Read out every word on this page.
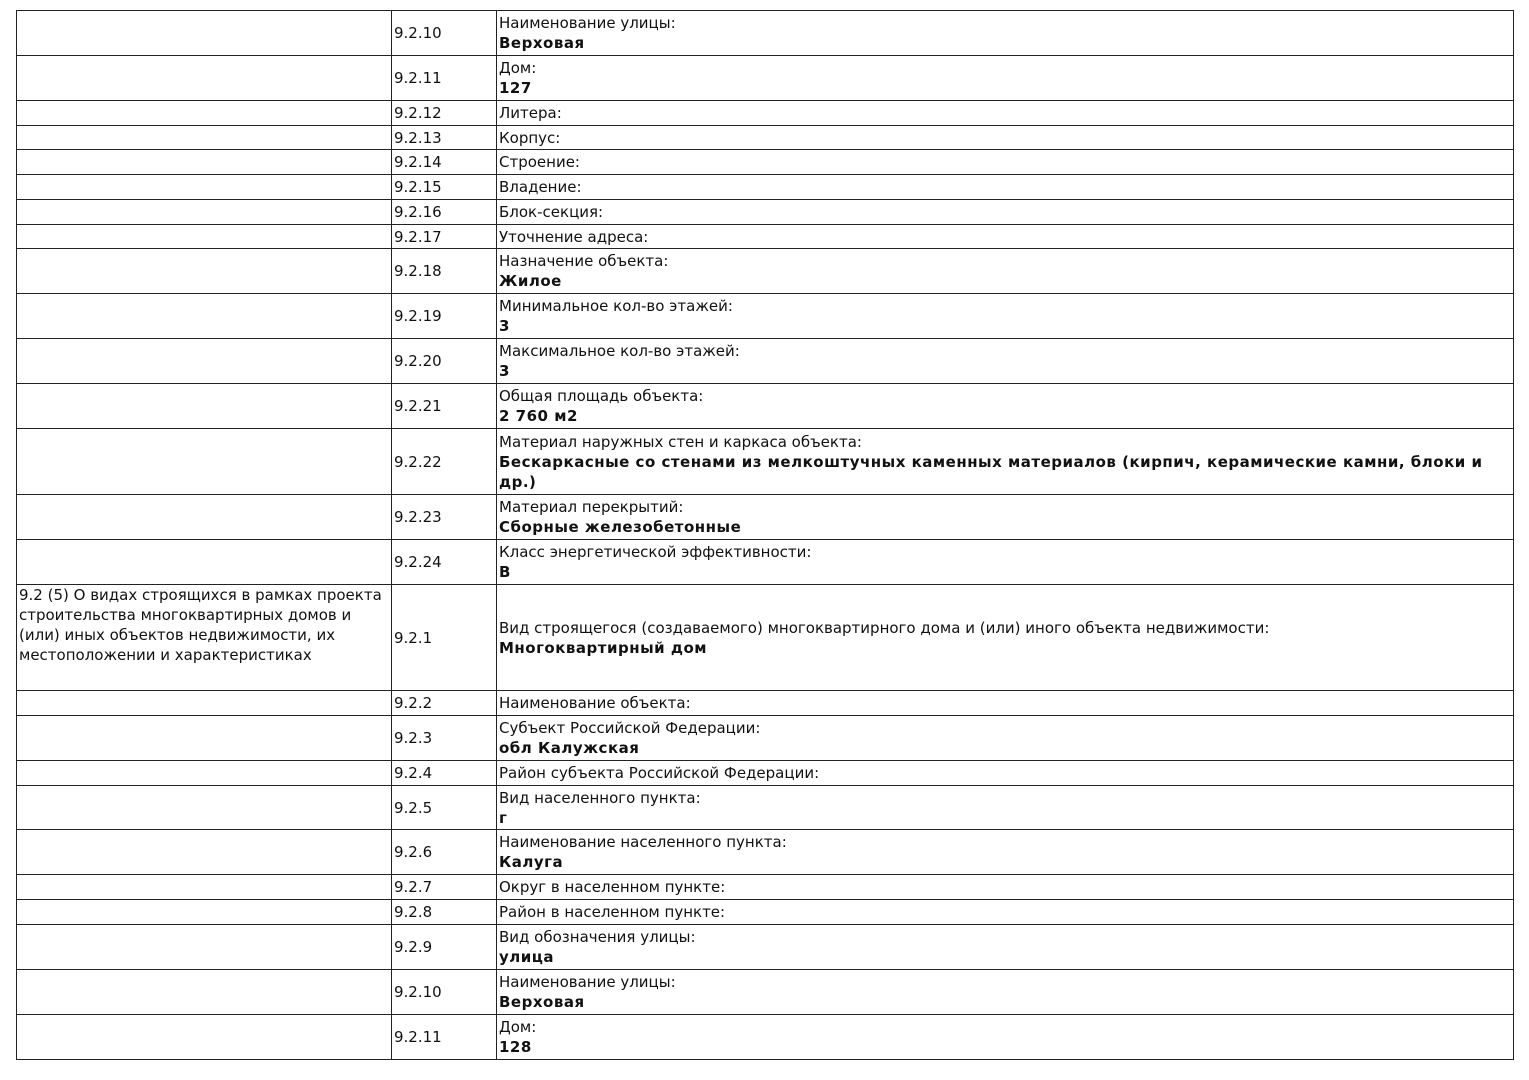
	9.2.10	Наименование улицы:
Верховая

	9.2.11	Дом:
127

	9.2.12	Литера:

	9.2.13	Корпус:

	9.2.14	Строение:

	9.2.15	Владение:

	9.2.16	Блок-секция:

	9.2.17	Уточнение адреса:

	9.2.18	Назначение объекта:
Жилое

	9.2.19	Минимальное кол-во этажей:
3

	9.2.20	Максимальное кол-во этажей:
3

	9.2.21	Общая площадь объекта:
2 760 м2

	9.2.22	Материал наружных стен и каркаса объекта:
Бескаркасные со стенами из мелкоштучных каменных материалов (кирпич, керамические камни, блоки и др.)

	9.2.23	Материал перекрытий:
Сборные железобетонные

	9.2.24	Класс энергетической эффективности:
В

9.2 (5) О видах строящихся в рамках проекта строительства многоквартирных домов и (или) иных объектов недвижимости, их местоположении и характеристиках	9.2.1	Вид строящегося (создаваемого) многоквартирного дома и (или) иного объекта недвижимости:
Многоквартирный дом

	9.2.2	Наименование объекта:

	9.2.3	Субъект Российской Федерации:
обл Калужская

	9.2.4	Район субъекта Российской Федерации:

	9.2.5	Вид населенного пункта:
г

	9.2.6	Наименование населенного пункта:
Калуга

	9.2.7	Округ в населенном пункте:

	9.2.8	Район в населенном пункте:

	9.2.9	Вид обозначения улицы:
улица

	9.2.10	Наименование улицы:
Верховая

	9.2.11	Дом:
128
